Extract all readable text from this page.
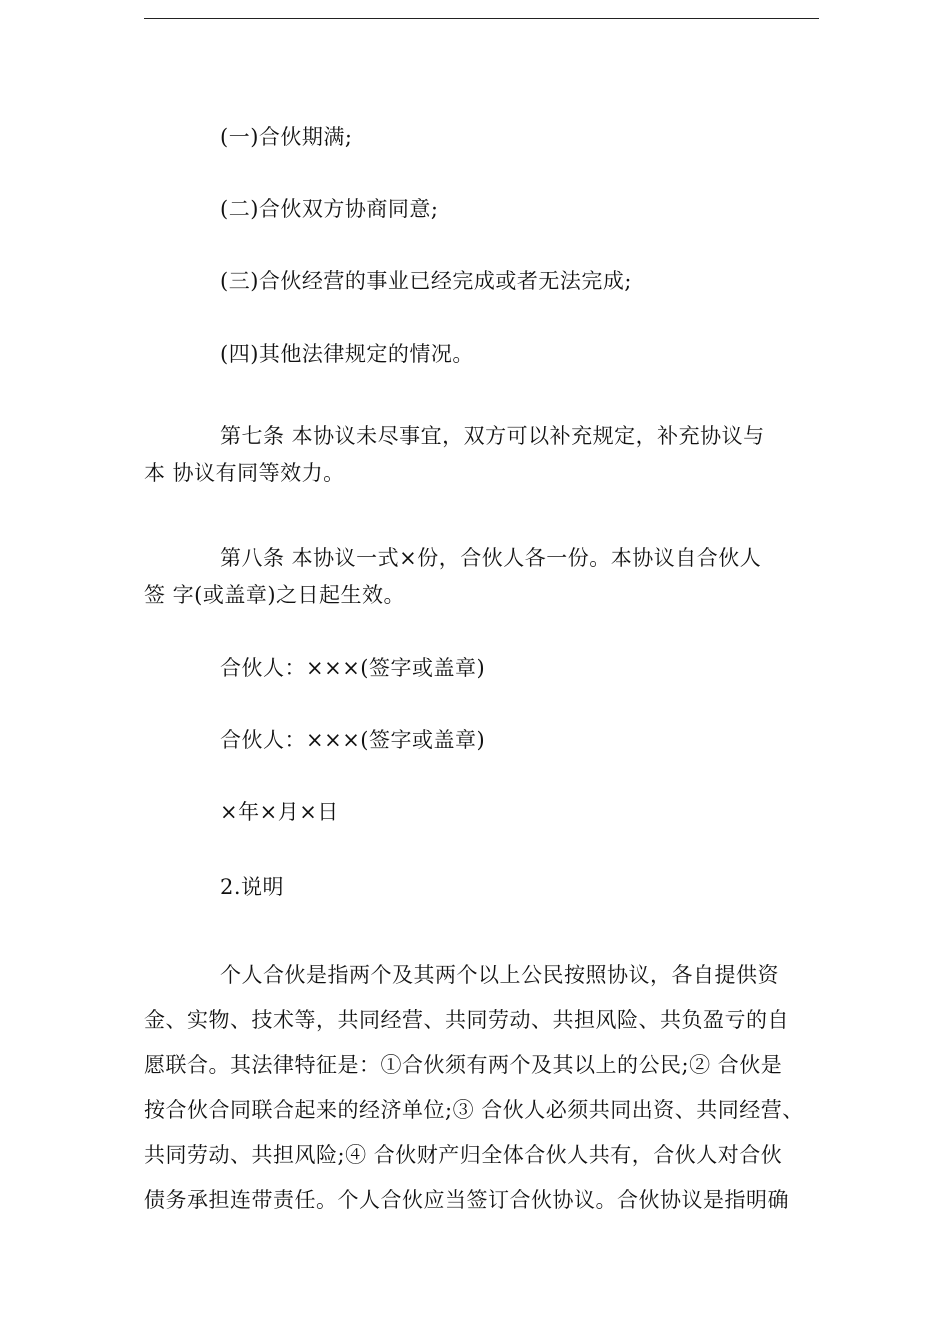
(一)合伙期满;
(二)合伙双方协商同意;
(三)合伙经营的事业已经完成或者无法完成;
(四)其他法律规定的情况。
第七条 本协议未尽事宜，双方可以补充规定，补充协议与
本 协议有同等效力。
第八条 本协议一式×份，合伙人各一份。本协议自合伙人
签 字(或盖章)之日起生效。
合伙人：×××(签字或盖章)
合伙人：×××(签字或盖章)
×年×月×日
2.说明
个人合伙是指两个及其两个以上公民按照协议，各自提供资
金、实物、技术等，共同经营、共同劳动、共担风险、共负盈亏的自
愿联合。其法律特征是：①合伙须有两个及其以上的公民;② 合伙是
按合伙合同联合起来的经济单位;③ 合伙人必须共同出资、共同经营、
共同劳动、共担风险;④ 合伙财产归全体合伙人共有，合伙人对合伙
债务承担连带责任。个人合伙应当签订合伙协议。合伙协议是指明确
